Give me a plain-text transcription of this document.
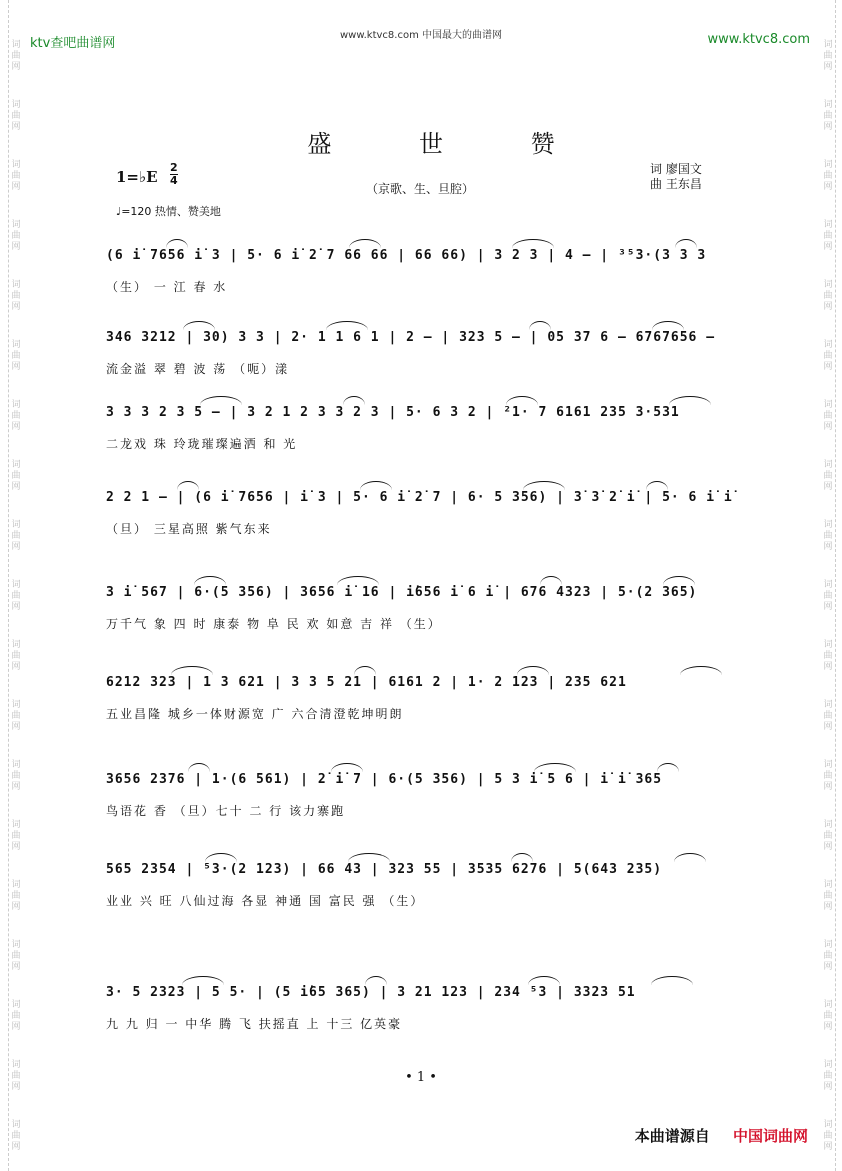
词
曲
网
词
曲
网
词
曲
网
词
曲
网
词
曲
网
词
曲
网
词
曲
网
词
曲
网
词
曲
网
词
曲
网
词
曲
网
词
曲
网
词
曲
网
词
曲
网
词
曲
网
词
曲
网
词
曲
网
词
曲
网
词
曲
网
词
曲
网
词
曲
网
词
曲
网
词
曲
网
词
曲
网
词
曲
网
词
曲
网
词
曲
网
词
曲
网
词
曲
网
词
曲
网
词
曲
网
词
曲
网
词
曲
网
词
曲
网
词
曲
网
词
曲
网
词
曲
网
词
曲
网
ktv查吧曲谱网
www.ktvc8.com 中国最大的曲谱网	www.ktvc8.com
盛 世 赞
1=♭E
2
4
（京歌、生、旦腔）
词 廖国文
曲 王东昌
♩=120 热情、赞美地
(6 i̇ 7656 i̇ 3 | 5· 6 i̇ 2̇ 7 66 66 | 66 66) | 3 2 3 | 4 – | ³⁵3·(3 3 3
（生） 一 江 春 水
346 3212 | 30) 3 3 | 2· 1 1 6 1 | 2 – | 323 5 – | 05 37 6 – 6767656 –
流金溢 翠 碧 波 荡 （呃）漾
3 3 3 2 3 5 – | 3 2 1 2 3 3 2 3 | 5· 6 3 2 | ²1· 7 6161 235 3·531
二龙戏 珠 玲珑璀璨遍洒 和 光
2 2 1 – | (6 i̇ 7656 | i̇ 3 | 5· 6 i̇ 2̇ 7 | 6· 5 356) | 3̇ 3̇ 2̇ i̇ | 5· 6 i̇ i̇
（旦） 三星高照 紫气东来
3 i̇ 567 | 6·(5 356) | 3656 i̇ 16 | i̇656 i̇ 6 i̇ | 676 4323 | 5·(2 365)
万千气 象 四 时 康泰 物 阜 民 欢 如意 吉 祥 （生）
6212 323 | 1 3 621 | 3 3 5 21 | 6161 2 | 1· 2 123 | 235 621
五业昌隆 城乡一体财源宽 广 六合清澄乾坤明朗
3656 2376 | 1·(6 561) | 2̇ i̇ 7 | 6·(5 356) | 5 3 i̇ 5 6 | i̇ i̇ 365
鸟语花 香 （旦）七十 二 行 该力寨跑
565 2354 | ⁵3·(2 123) | 66 43 | 323 55 | 3535 6276 | 5(643 235)
业业 兴 旺 八仙过海 各显 神通 国 富民 强 （生）
3· 5 2323 | 5 5· | (5 i̇65 365) | 3 21 123 | 234 ⁵3 | 3323 51
九 九 归 一 中华 腾 飞 扶摇直 上 十三 亿英豪
• 1 •
本曲谱源自 中国词曲网
